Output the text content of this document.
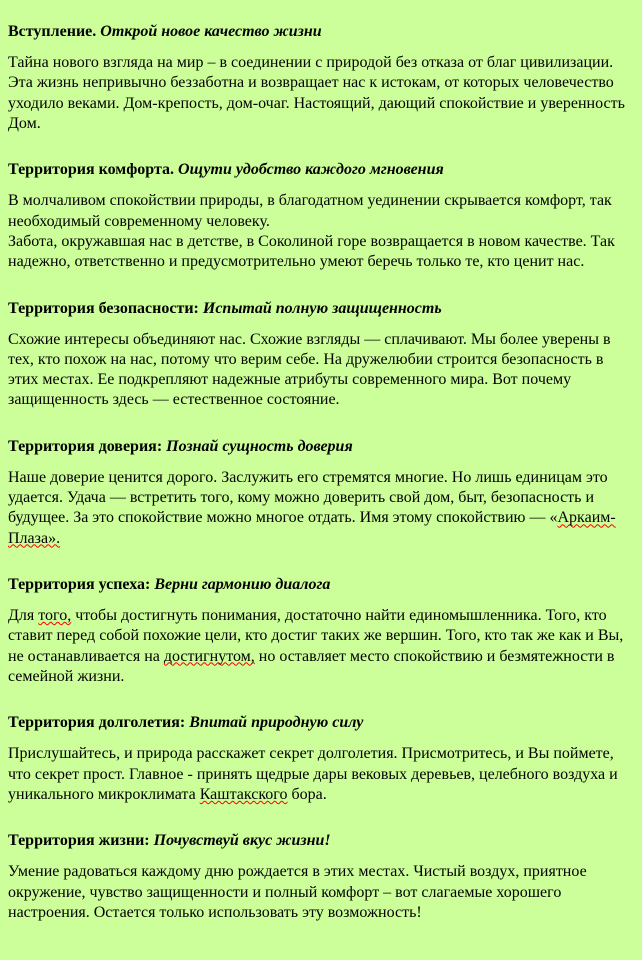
Вступление. Открой новое качество жизни
Тайна нового взгляда на мир – в соединении с природой без отказа от благ цивилизации. Эта жизнь непривычно беззаботна и возвращает нас к истокам, от которых человечество уходило веками. Дом-крепость, дом-очаг. Настоящий, дающий спокойствие и уверенность Дом.
Территория комфорта. Ощути удобство каждого мгновения
В молчаливом спокойствии природы, в благодатном уединении скрывается комфорт, так необходимый современному человеку.
Забота, окружавшая нас в детстве, в Соколиной горе возвращается в новом качестве. Так надежно, ответственно и предусмотрительно умеют беречь только те, кто ценит нас.
Территория безопасности: Испытай полную защищенность
Схожие интересы объединяют нас. Схожие взгляды — сплачивают. Мы более уверены в тех, кто похож на нас, потому что верим себе. На дружелюбии строится безопасность в этих местах. Ее подкрепляют надежные атрибуты современного мира. Вот почему защищенность здесь — естественное состояние.
Территория доверия: Познай сущность доверия
Наше доверие ценится дорого. Заслужить его стремятся многие. Но лишь единицам это удается. Удача — встретить того, кому можно доверить свой дом, быт, безопасность и будущее. За это спокойствие можно многое отдать. Имя этому спокойствию — «Аркаим-Плаза».
Территория успеха: Верни гармонию диалога
Для того, чтобы достигнуть понимания, достаточно найти единомышленника. Того, кто ставит перед собой похожие цели, кто достиг таких же вершин. Того, кто так же как и Вы, не останавливается на достигнутом, но оставляет место спокойствию и безмятежности в семейной жизни.
Территория долголетия: Впитай природную силу
Прислушайтесь, и природа расскажет секрет долголетия. Присмотритесь, и Вы поймете, что секрет прост. Главное - принять щедрые дары вековых деревьев, целебного воздуха и уникального микроклимата Каштакского бора.
Территория жизни: Почувствуй вкус жизни!
Умение радоваться каждому дню рождается в этих местах. Чистый воздух, приятное окружение, чувство защищенности и полный комфорт – вот слагаемые хорошего настроения. Остается только использовать эту возможность!
